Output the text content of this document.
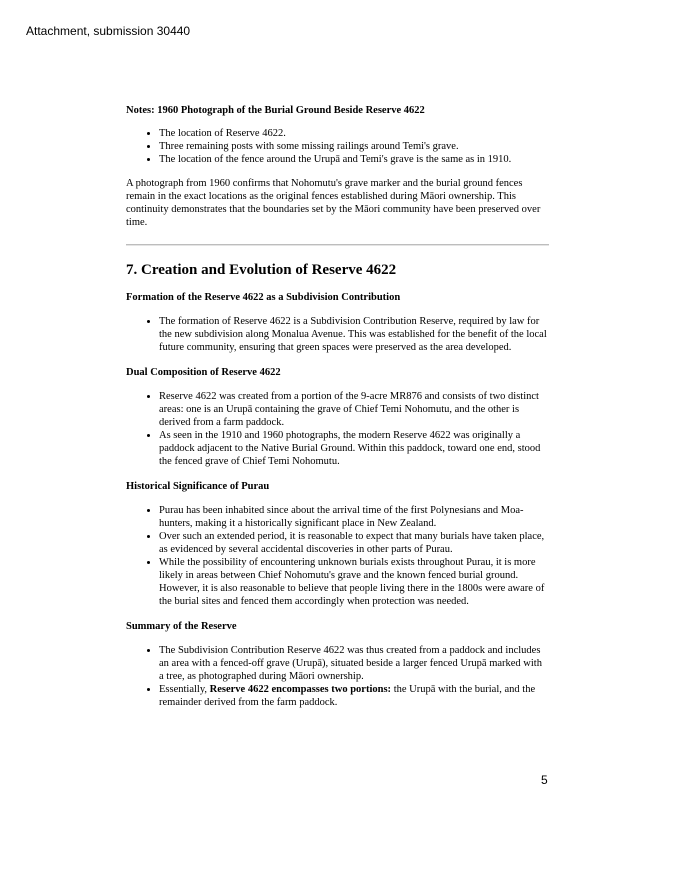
Attachment, submission 30440
Notes: 1960 Photograph of the Burial Ground Beside Reserve 4622
• The location of Reserve 4622.
• Three remaining posts with some missing railings around Temi's grave.
• The location of the fence around the Urupā and Temi's grave is the same as in 1910.

A photograph from 1960 confirms that Nohomutu's grave marker and the burial ground fences remain in the exact locations as the original fences established during Māori ownership. This continuity demonstrates that the boundaries set by the Māori community have been preserved over time.

7. Creation and Evolution of Reserve 4622
Formation of the Reserve 4622 as a Subdivision Contribution
• The formation of Reserve 4622 is a Subdivision Contribution Reserve, required by law for the new subdivision along Monalua Avenue. This was established for the benefit of the local future community, ensuring that green spaces were preserved as the area developed.
Dual Composition of Reserve 4622
• Reserve 4622 was created from a portion of the 9-acre MR876 and consists of two distinct areas: one is an Urupā containing the grave of Chief Temi Nohomutu, and the other is derived from a farm paddock.
• As seen in the 1910 and 1960 photographs, the modern Reserve 4622 was originally a paddock adjacent to the Native Burial Ground. Within this paddock, toward one end, stood the fenced grave of Chief Temi Nohomutu.
Historical Significance of Purau
• Purau has been inhabited since about the arrival time of the first Polynesians and Moa-hunters, making it a historically significant place in New Zealand.
• Over such an extended period, it is reasonable to expect that many burials have taken place, as evidenced by several accidental discoveries in other parts of Purau.
• While the possibility of encountering unknown burials exists throughout Purau, it is more likely in areas between Chief Nohomutu's grave and the known fenced burial ground. However, it is also reasonable to believe that people living there in the 1800s were aware of the burial sites and fenced them accordingly when protection was needed.
Summary of the Reserve
• The Subdivision Contribution Reserve 4622 was thus created from a paddock and includes an area with a fenced-off grave (Urupā), situated beside a larger fenced Urupā marked with a tree, as photographed during Māori ownership.
• Essentially, Reserve 4622 encompasses two portions: the Urupā with the burial, and the remainder derived from the farm paddock.
5
